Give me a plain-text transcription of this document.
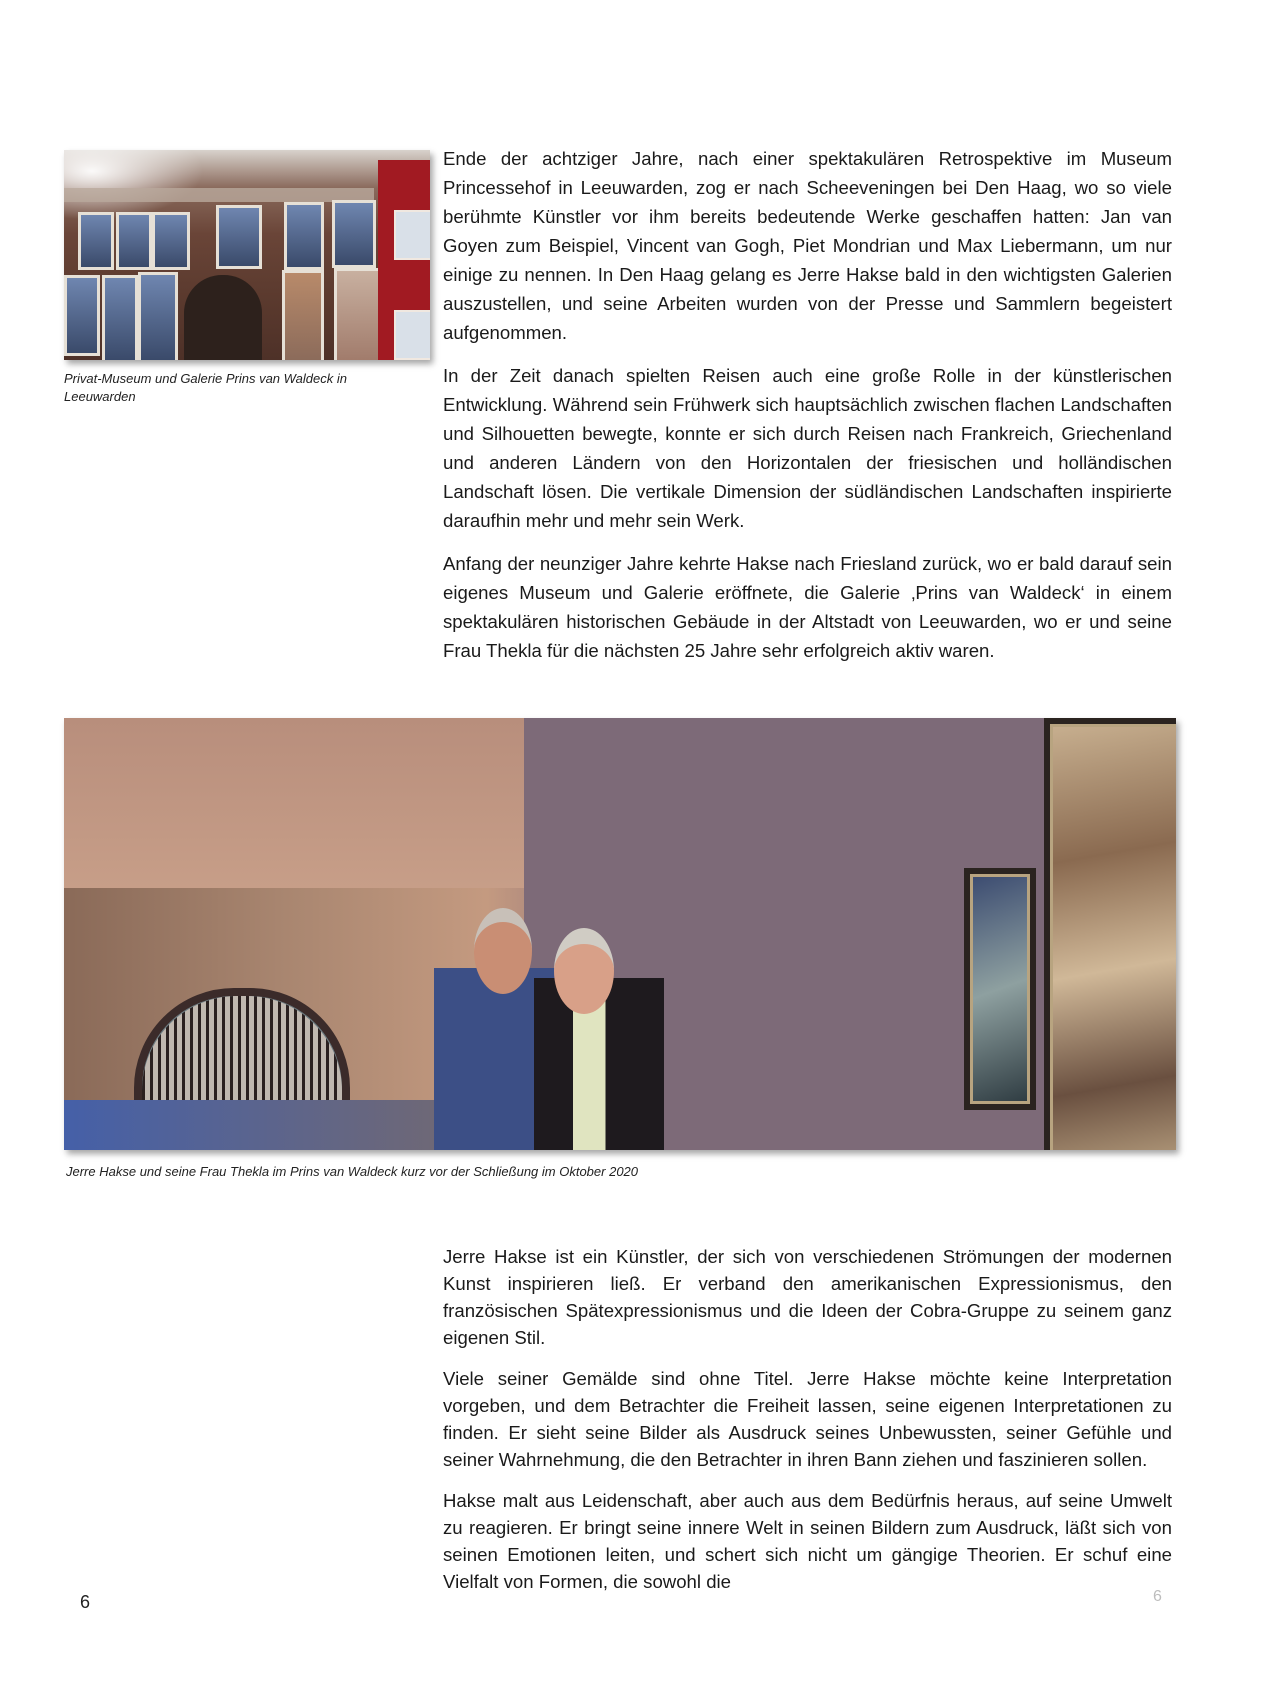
Privat-Museum und Galerie Prins van Waldeck in Leeuwarden

Ende der achtziger Jahre, nach einer spektakulären Retrospektive im Museum Princessehof in Leeuwarden, zog er nach Scheeveningen bei Den Haag, wo so viele berühmte Künstler vor ihm bereits bedeutende Werke geschaffen hatten: Jan van Goyen zum Beispiel, Vincent van Gogh, Piet Mondrian und Max Liebermann, um nur einige zu nennen. In Den Haag gelang es Jerre Hakse bald in den wichtigsten Galerien auszustellen, und seine Arbeiten wurden von der Presse und Sammlern begeistert aufgenommen.

In der Zeit danach spielten Reisen auch eine große Rolle in der künstlerischen Entwicklung. Während sein Frühwerk sich hauptsächlich zwischen flachen Landschaften und Silhouetten bewegte, konnte er sich durch Reisen nach Frankreich, Griechenland und anderen Ländern von den Horizontalen der friesischen und holländischen Landschaft lösen. Die vertikale Dimension der südländischen Landschaften inspirierte daraufhin mehr und mehr sein Werk.

Anfang der neunziger Jahre kehrte Hakse nach Friesland zurück, wo er bald darauf sein eigenes Museum und Galerie eröffnete, die Galerie ‚Prins van Waldeck‘ in einem spektakulären historischen Gebäude in der Altstadt von Leeuwarden, wo er und seine Frau Thekla für die nächsten 25 Jahre sehr erfolgreich aktiv waren.

Jerre Hakse und seine Frau Thekla im Prins van Waldeck kurz vor der Schließung im Oktober 2020

Jerre Hakse ist ein Künstler, der sich von verschiedenen Strömungen der modernen Kunst inspirieren ließ. Er verband den amerikanischen Expressionismus, den französischen Spätexpressionismus und die Ideen der Cobra-Gruppe zu seinem ganz eigenen Stil.

Viele seiner Gemälde sind ohne Titel. Jerre Hakse möchte keine Interpretation vorgeben, und dem Betrachter die Freiheit lassen, seine eigenen Interpretationen zu finden. Er sieht seine Bilder als Ausdruck seines Unbewussten, seiner Gefühle und seiner Wahrnehmung, die den Betrachter in ihren Bann ziehen und faszinieren sollen.

Hakse malt aus Leidenschaft, aber auch aus dem Bedürfnis heraus, auf seine Umwelt zu reagieren. Er bringt seine innere Welt in seinen Bildern zum Ausdruck, läßt sich von seinen Emotionen leiten, und schert sich nicht um gängige Theorien. Er schuf eine Vielfalt von Formen, die sowohl die

6	6
